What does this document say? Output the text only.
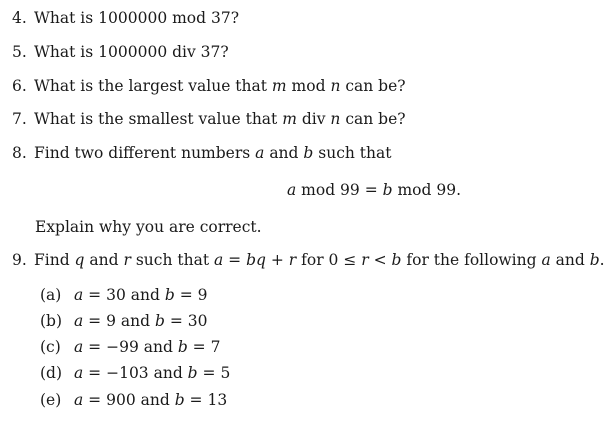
4. What is 1000000 mod 37?
5. What is 1000000 div 37?
6. What is the largest value that m mod n can be?
7. What is the smallest value that m div n can be?
8. Find two different numbers a and b such that
a mod 99 = b mod 99.
Explain why you are correct.
9. Find q and r such that a = bq + r for 0 ≤ r < b for the following a and b.
(a) a = 30 and b = 9
(b) a = 9 and b = 30
(c) a = −99 and b = 7
(d) a = −103 and b = 5
(e) a = 900 and b = 13
